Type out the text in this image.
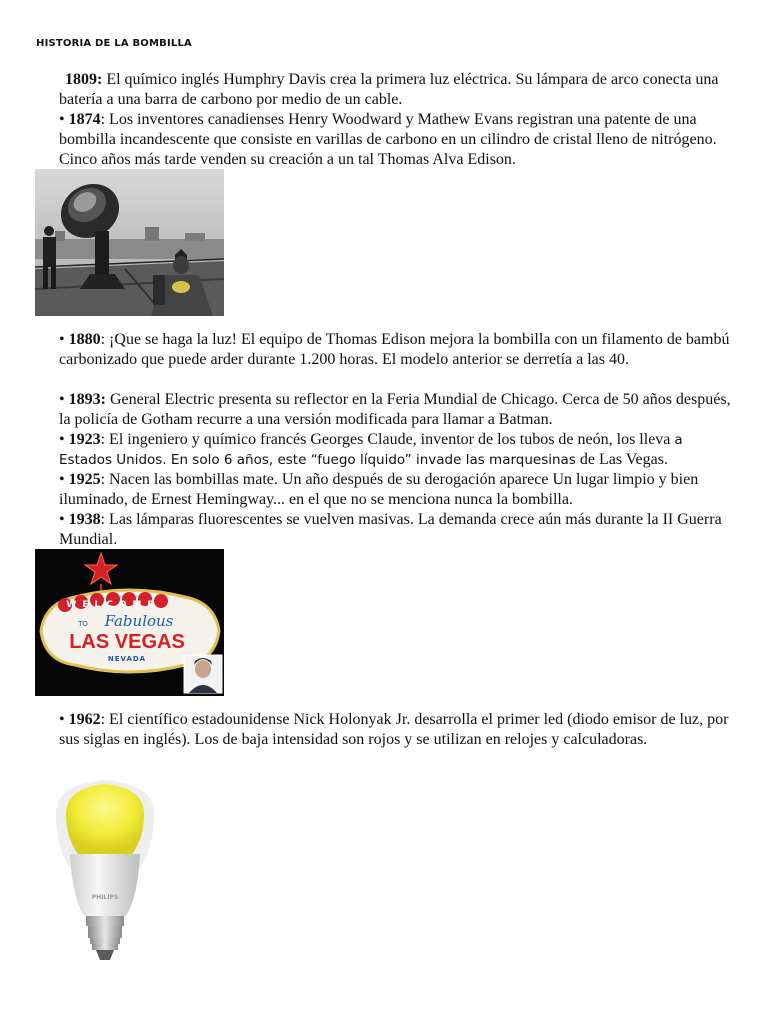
HISTORIA DE LA BOMBILLA
1809: El químico inglés Humphry Davis crea la primera luz eléctrica. Su lámpara de arco conecta una batería a una barra de carbono por medio de un cable.
• 1874: Los inventores canadienses Henry Woodward y Mathew Evans registran una patente de una bombilla incandescente que consiste en varillas de carbono en un cilindro de cristal lleno de nitrógeno. Cinco años más tarde venden su creación a un tal Thomas Alva Edison.
• 1880: ¡Que se haga la luz! El equipo de Thomas Edison mejora la bombilla con un filamento de bambú carbonizado que puede arder durante 1.200 horas. El modelo anterior se derretía a las 40.
• 1893: General Electric presenta su reflector en la Feria Mundial de Chicago. Cerca de 50 años después, la policía de Gotham recurre a una versión modificada para llamar a Batman.
• 1923: El ingeniero y químico francés Georges Claude, inventor de los tubos de neón, los lleva a Estados Unidos. En solo 6 años, este “fuego líquido” invade las marquesinas de Las Vegas.
• 1925: Nacen las bombillas mate. Un año después de su derogación aparece Un lugar limpio y bien iluminado, de Ernest Hemingway... en el que no se menciona nunca la bombilla.
• 1938: Las lámparas fluorescentes se vuelven masivas. La demanda crece aún más durante la II Guerra Mundial.
WELCOME
TO Fabulous
LAS VEGAS
NEVADA
• 1962: El científico estadounidense Nick Holonyak Jr. desarrolla el primer led (diodo emisor de luz, por sus siglas en inglés). Los de baja intensidad son rojos y se utilizan en relojes y calculadoras.
PHILIPS
